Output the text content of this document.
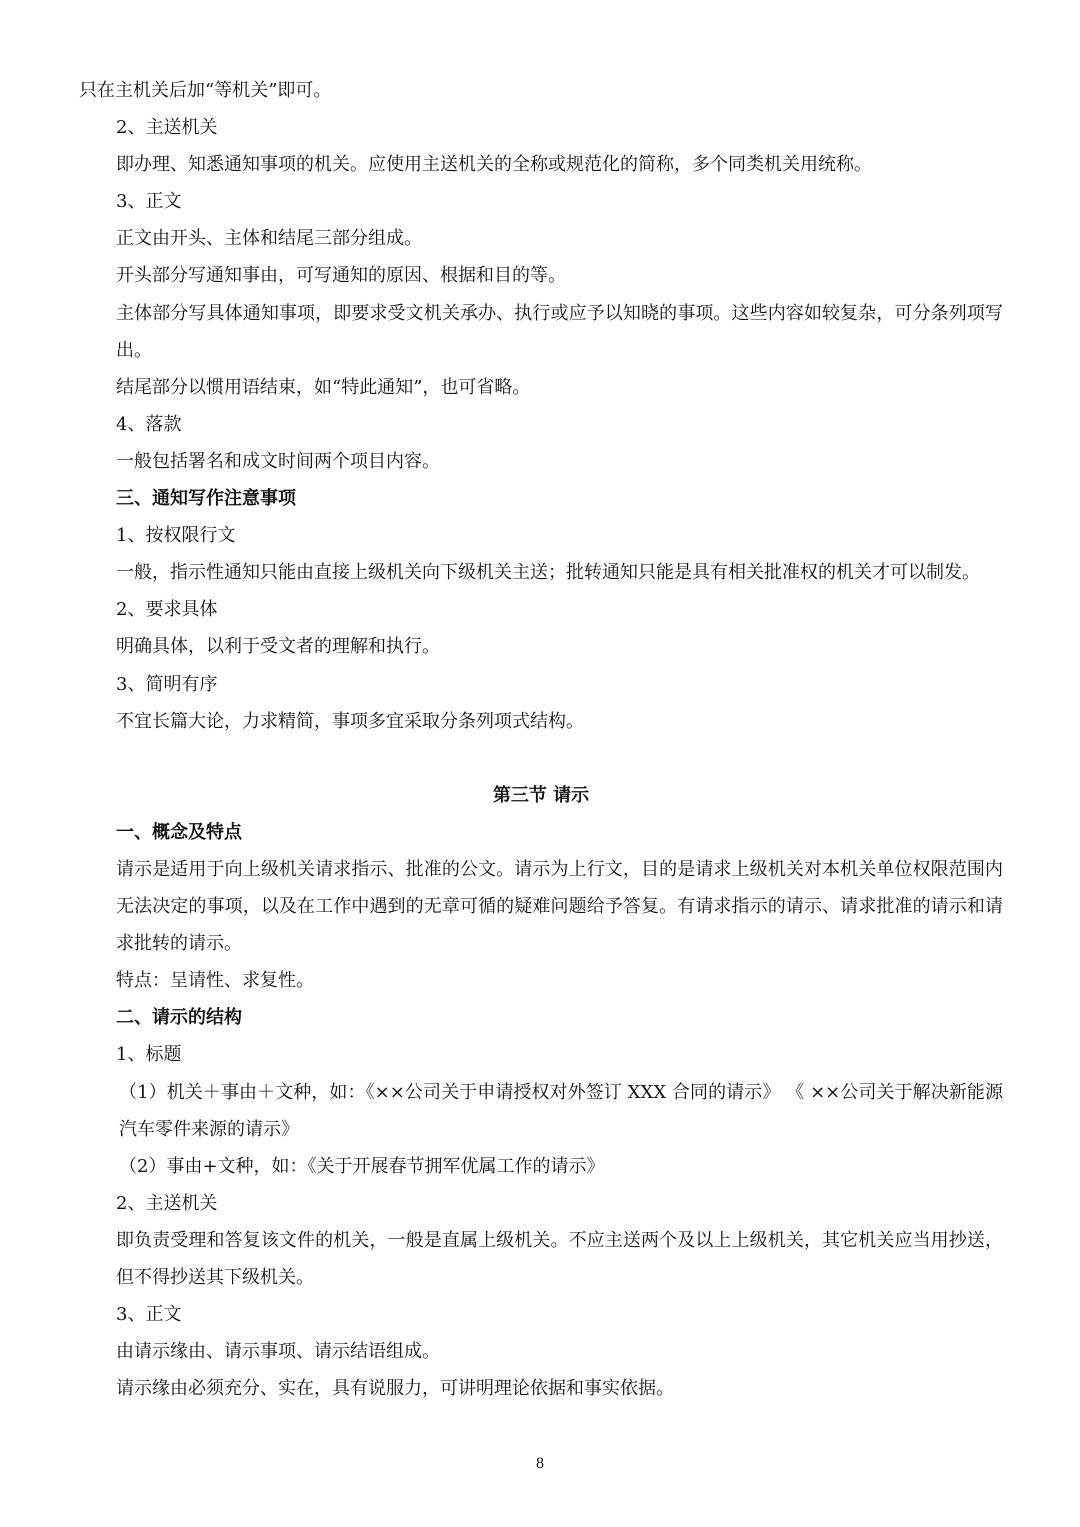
只在主机关后加“等机关”即可。

2、主送机关

即办理、知悉通知事项的机关。应使用主送机关的全称或规范化的简称，多个同类机关用统称。

3、正文

正文由开头、主体和结尾三部分组成。

开头部分写通知事由，可写通知的原因、根据和目的等。

主体部分写具体通知事项，即要求受文机关承办、执行或应予以知晓的事项。这些内容如较复杂，可分条列项写出。

结尾部分以惯用语结束，如“特此通知”，也可省略。

4、落款

一般包括署名和成文时间两个项目内容。

三、通知写作注意事项

1、按权限行文

一般，指示性通知只能由直接上级机关向下级机关主送；批转通知只能是具有相关批准权的机关才可以制发。

2、要求具体

明确具体，以利于受文者的理解和执行。

3、简明有序

不宜长篇大论，力求精简，事项多宜采取分条列项式结构。

第三节 请示

一、概念及特点

请示是适用于向上级机关请求指示、批准的公文。请示为上行文，目的是请求上级机关对本机关单位权限范围内无法决定的事项，以及在工作中遇到的无章可循的疑难问题给予答复。有请求指示的请示、请求批准的请示和请求批转的请示。

特点：呈请性、求复性。

二、请示的结构

1、标题

（1）机关＋事由＋文种，如：《××公司关于申请授权对外签订 XXX 合同的请示》 《 ××公司关于解决新能源汽车零件来源的请示》

（2）事由+文种，如：《关于开展春节拥军优属工作的请示》

2、主送机关

即负责受理和答复该文件的机关，一般是直属上级机关。不应主送两个及以上上级机关，其它机关应当用抄送，但不得抄送其下级机关。

3、正文

由请示缘由、请示事项、请示结语组成。

请示缘由必须充分、实在，具有说服力，可讲明理论依据和事实依据。

8
